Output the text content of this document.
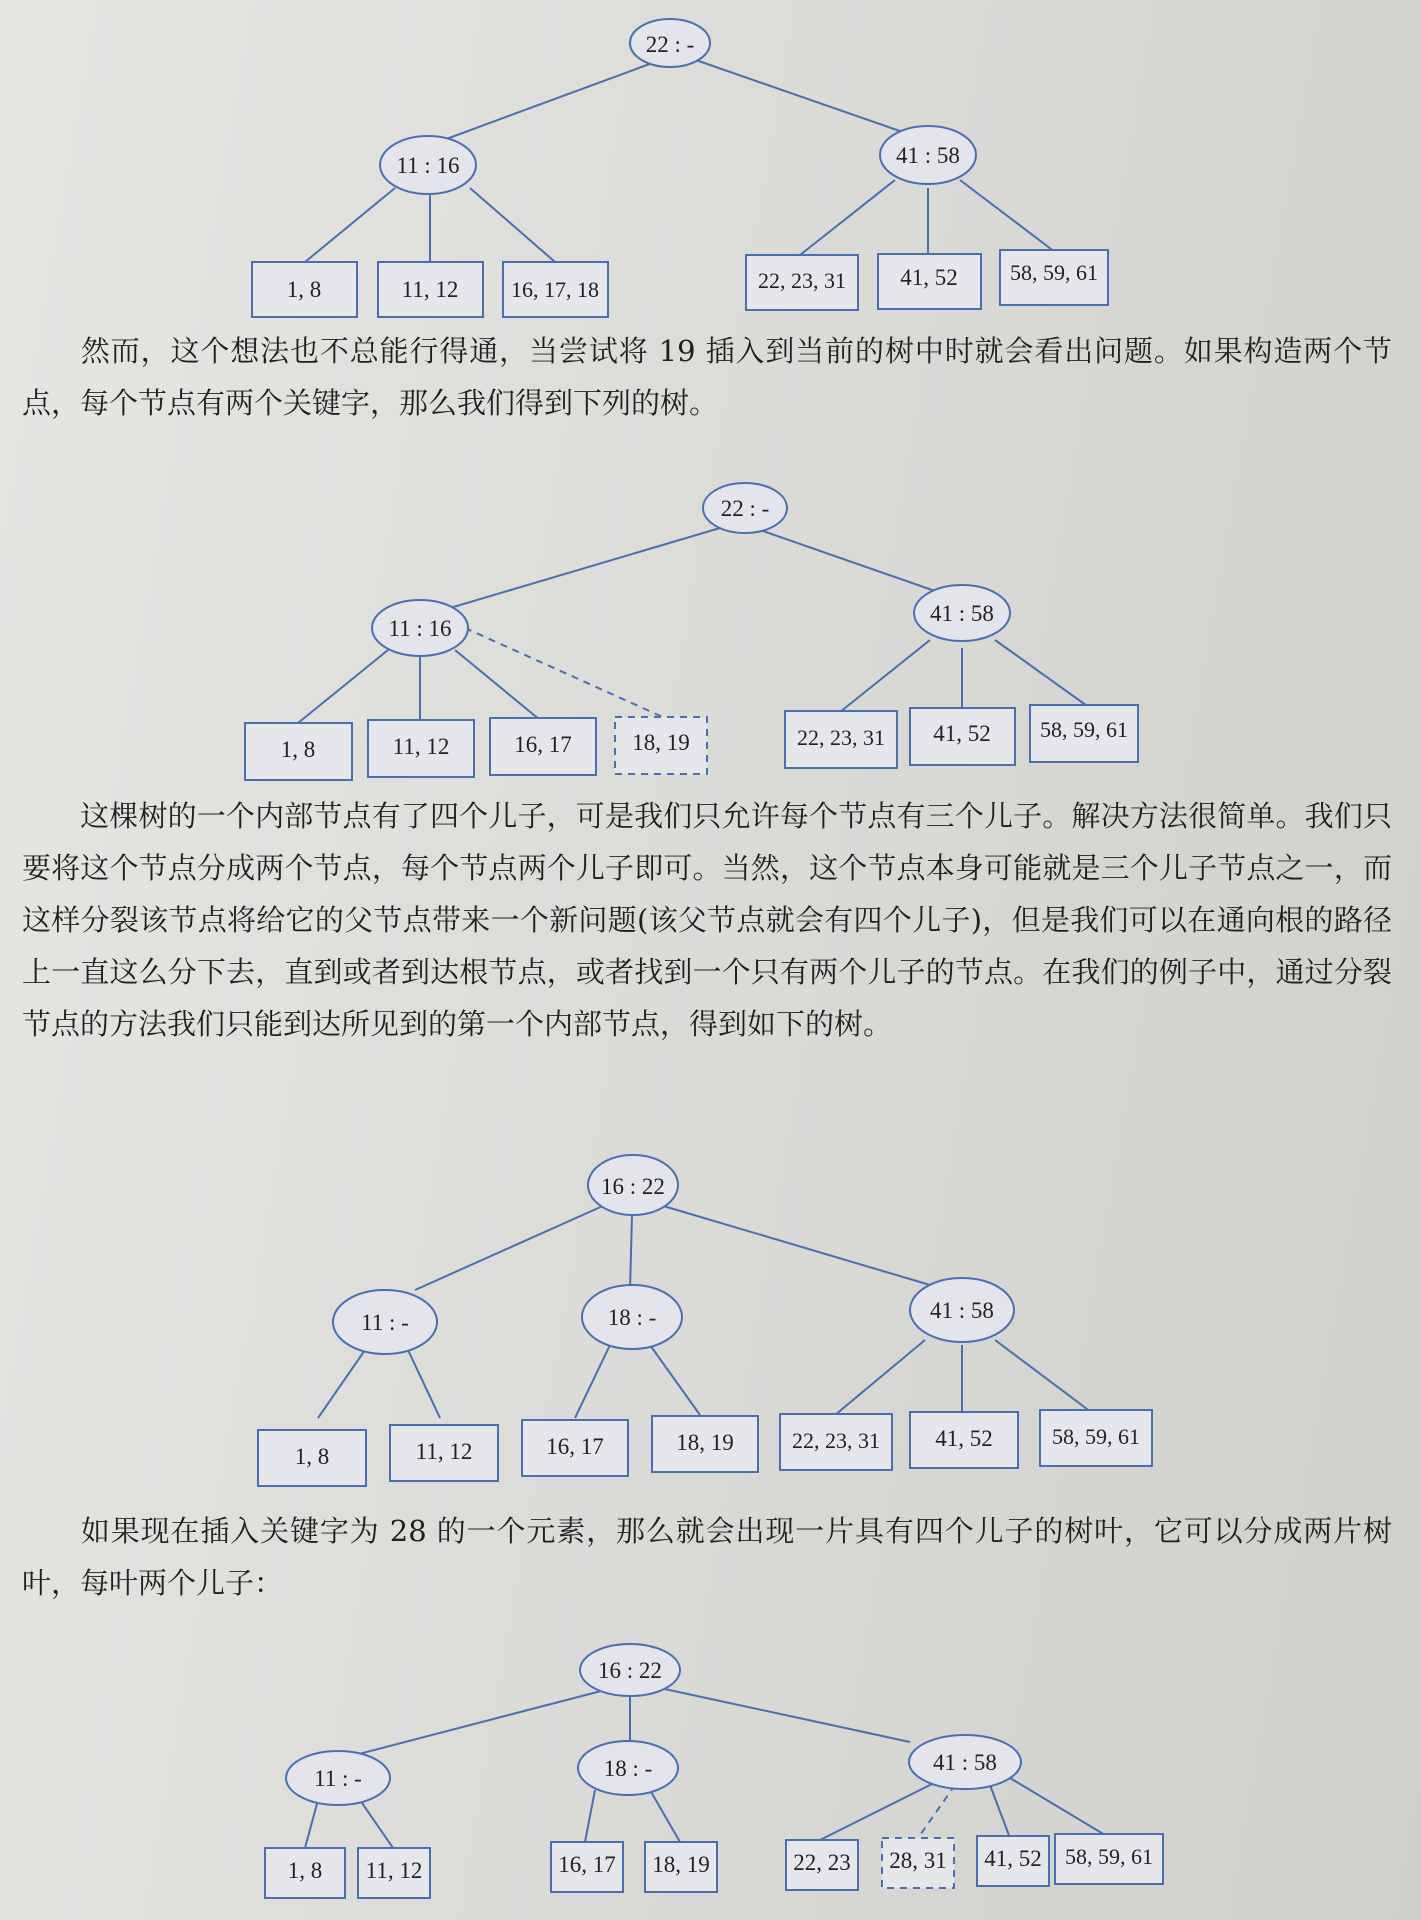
22 : -
11 : 16	41 : 58
1, 8	11, 12 16, 17, 18	22, 23, 31 41, 52 58, 59, 61

然而，这个想法也不总能行得通，当尝试将 19 插入到当前的树中时就会看出问题。如果构造两个节点，每个节点有两个关键字，那么我们得到下列的树。

22 : -
11 : 16
41 : 58
1, 8	11, 12	16, 17	18, 19	22, 23, 31 41, 52 58, 59, 61

这棵树的一个内部节点有了四个儿子，可是我们只允许每个节点有三个儿子。解决方法很简单。我们只要将这个节点分成两个节点，每个节点两个儿子即可。当然，这个节点本身可能就是三个儿子节点之一，而这样分裂该节点将给它的父节点带来一个新问题(该父节点就会有四个儿子)，但是我们可以在通向根的路径上一直这么分下去，直到或者到达根节点，或者找到一个只有两个儿子的节点。在我们的例子中，通过分裂节点的方法我们只能到达所见到的第一个内部节点，得到如下的树。

16 : 22
11 : -	18 : -	41 : 58
1, 8	11, 12	16, 17	18, 19	22, 23, 31 41, 52	58, 59, 61

如果现在插入关键字为 28 的一个元素，那么就会出现一片具有四个儿子的树叶，它可以分成两片树叶，每叶两个儿子：

16 : 22
11 : -	18 : -	41 : 58
1, 8 11, 12	16, 17 18, 19	22, 23 28, 31 41, 52 58, 59, 61
